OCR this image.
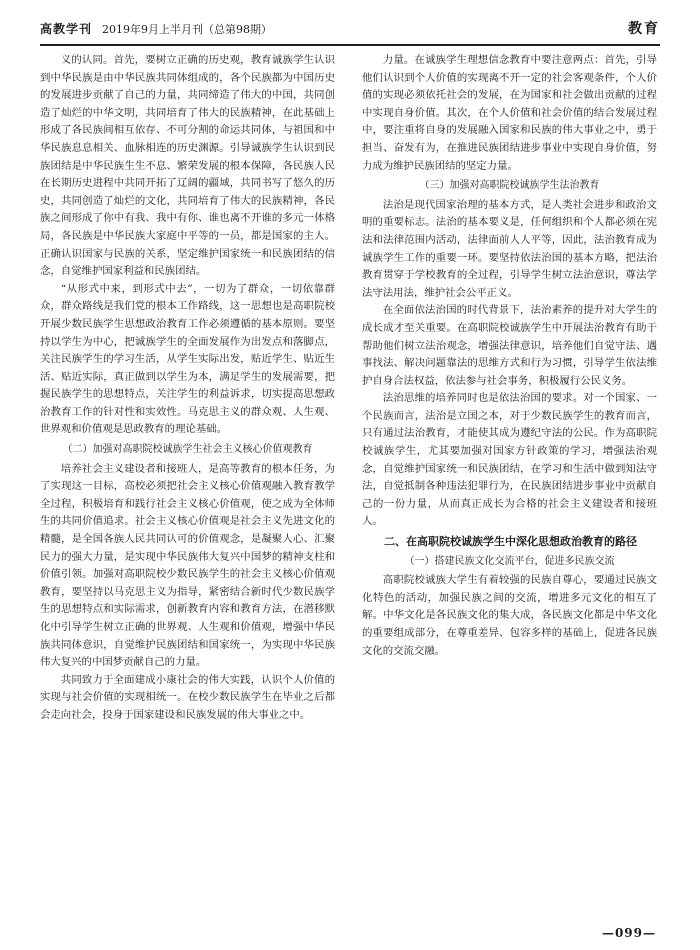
高教学刊 2019年9月上半月刊（总第98期）	教育

义的认同。首先，要树立正确的历史观，教育诚族学生认识到中华民族是由中华民族共同体组成的，各个民族都为中国历史的发展进步贡献了自己的力量，共同缔造了伟大的中国，共同创造了灿烂的中华文明，共同培育了伟大的民族精神，在此基础上形成了各民族间相互依存、不可分割的命运共同体，与祖国和中华民族息息相关、血脉相连的历史渊源。引导诚族学生认识到民族团结是中华民族生生不息、繁荣发展的根本保障，各民族人民在长期历史进程中共同开拓了辽阔的疆域，共同书写了悠久的历史，共同创造了灿烂的文化，共同培育了伟大的民族精神，各民族之间形成了你中有我、我中有你、谁也离不开谁的多元一体格局，各民族是中华民族大家庭中平等的一员，都是国家的主人。正确认识国家与民族的关系，坚定维护国家统一和民族团结的信念，自觉维护国家利益和民族团结。

“从形式中来，到形式中去”，一切为了群众，一切依靠群众，群众路线是我们党的根本工作路线，这一思想也是高职院校开展少数民族学生思想政治教育工作必须遵循的基本原则。要坚持以学生为中心，把诚族学生的全面发展作为出发点和落脚点，关注民族学生的学习生活，从学生实际出发，贴近学生、贴近生活、贴近实际，真正做到以学生为本，满足学生的发展需要，把握民族学生的思想特点，关注学生的利益诉求，切实提高思想政治教育工作的针对性和实效性。马克思主义的群众观、人生观、世界观和价值观是思政教育的理论基础。

（二）加强对高职院校诚族学生社会主义核心价值观教育

培养社会主义建设者和接班人，是高等教育的根本任务，为了实现这一目标，高校必须把社会主义核心价值观融入教育教学全过程，积极培育和践行社会主义核心价值观，使之成为全体师生的共同价值追求。社会主义核心价值观是社会主义先进文化的精髓，是全国各族人民共同认可的价值观念，是凝聚人心、汇聚民力的强大力量，是实现中华民族伟大复兴中国梦的精神支柱和价值引领。加强对高职院校少数民族学生的社会主义核心价值观教育，要坚持以马克思主义为指导，紧密结合新时代少数民族学生的思想特点和实际需求，创新教育内容和教育方法，在潜移默化中引导学生树立正确的世界观、人生观和价值观，增强中华民族共同体意识，自觉维护民族团结和国家统一，为实现中华民族伟大复兴的中国梦贡献自己的力量。

共同致力于全面建成小康社会的伟大实践，认识个人价值的实现与社会价值的实现相统一。在校少数民族学生在毕业之后都会走向社会，投身于国家建设和民族发展的伟大事业之中。

力量。在诚族学生理想信念教育中要注意两点：首先，引导他们认识到个人价值的实现离不开一定的社会客观条件，个人价值的实现必须依托社会的发展，在为国家和社会做出贡献的过程中实现自身价值。其次，在个人价值和社会价值的结合发展过程中，要注重将自身的发展融入国家和民族的伟大事业之中，勇于担当、奋发有为，在推进民族团结进步事业中实现自身价值，努力成为维护民族团结的坚定力量。

（三）加强对高职院校诚族学生法治教育

法治是现代国家治理的基本方式，是人类社会进步和政治文明的重要标志。法治的基本要义是，任何组织和个人都必须在宪法和法律范围内活动，法律面前人人平等，因此，法治教育成为诚族学生工作的重要一环。要坚持依法治国的基本方略，把法治教育贯穿于学校教育的全过程，引导学生树立法治意识，尊法学法守法用法，维护社会公平正义。

在全面依法治国的时代背景下，法治素养的提升对大学生的成长成才至关重要。在高职院校诚族学生中开展法治教育有助于帮助他们树立法治观念，增强法律意识，培养他们自觉守法、遇事找法、解决问题靠法的思维方式和行为习惯，引导学生依法维护自身合法权益，依法参与社会事务，积极履行公民义务。

法治思维的培养同时也是依法治国的要求。对一个国家、一个民族而言，法治是立国之本，对于少数民族学生的教育而言，只有通过法治教育，才能使其成为遵纪守法的公民。作为高职院校诚族学生，尤其要加强对国家方针政策的学习，增强法治观念，自觉维护国家统一和民族团结，在学习和生活中做到知法守法，自觉抵制各种违法犯罪行为，在民族团结进步事业中贡献自己的一份力量，从而真正成长为合格的社会主义建设者和接班人。

二、在高职院校诚族学生中深化思想政治教育的路径

（一）搭建民族文化交流平台，促进多民族交流

高职院校诚族大学生有着较强的民族自尊心，要通过民族文化特色的活动，加强民族之间的交流，增进多元文化的相互了解。中华文化是各民族文化的集大成，各民族文化都是中华文化的重要组成部分，在尊重差异、包容多样的基础上，促进各民族文化的交流交融。

—099—
